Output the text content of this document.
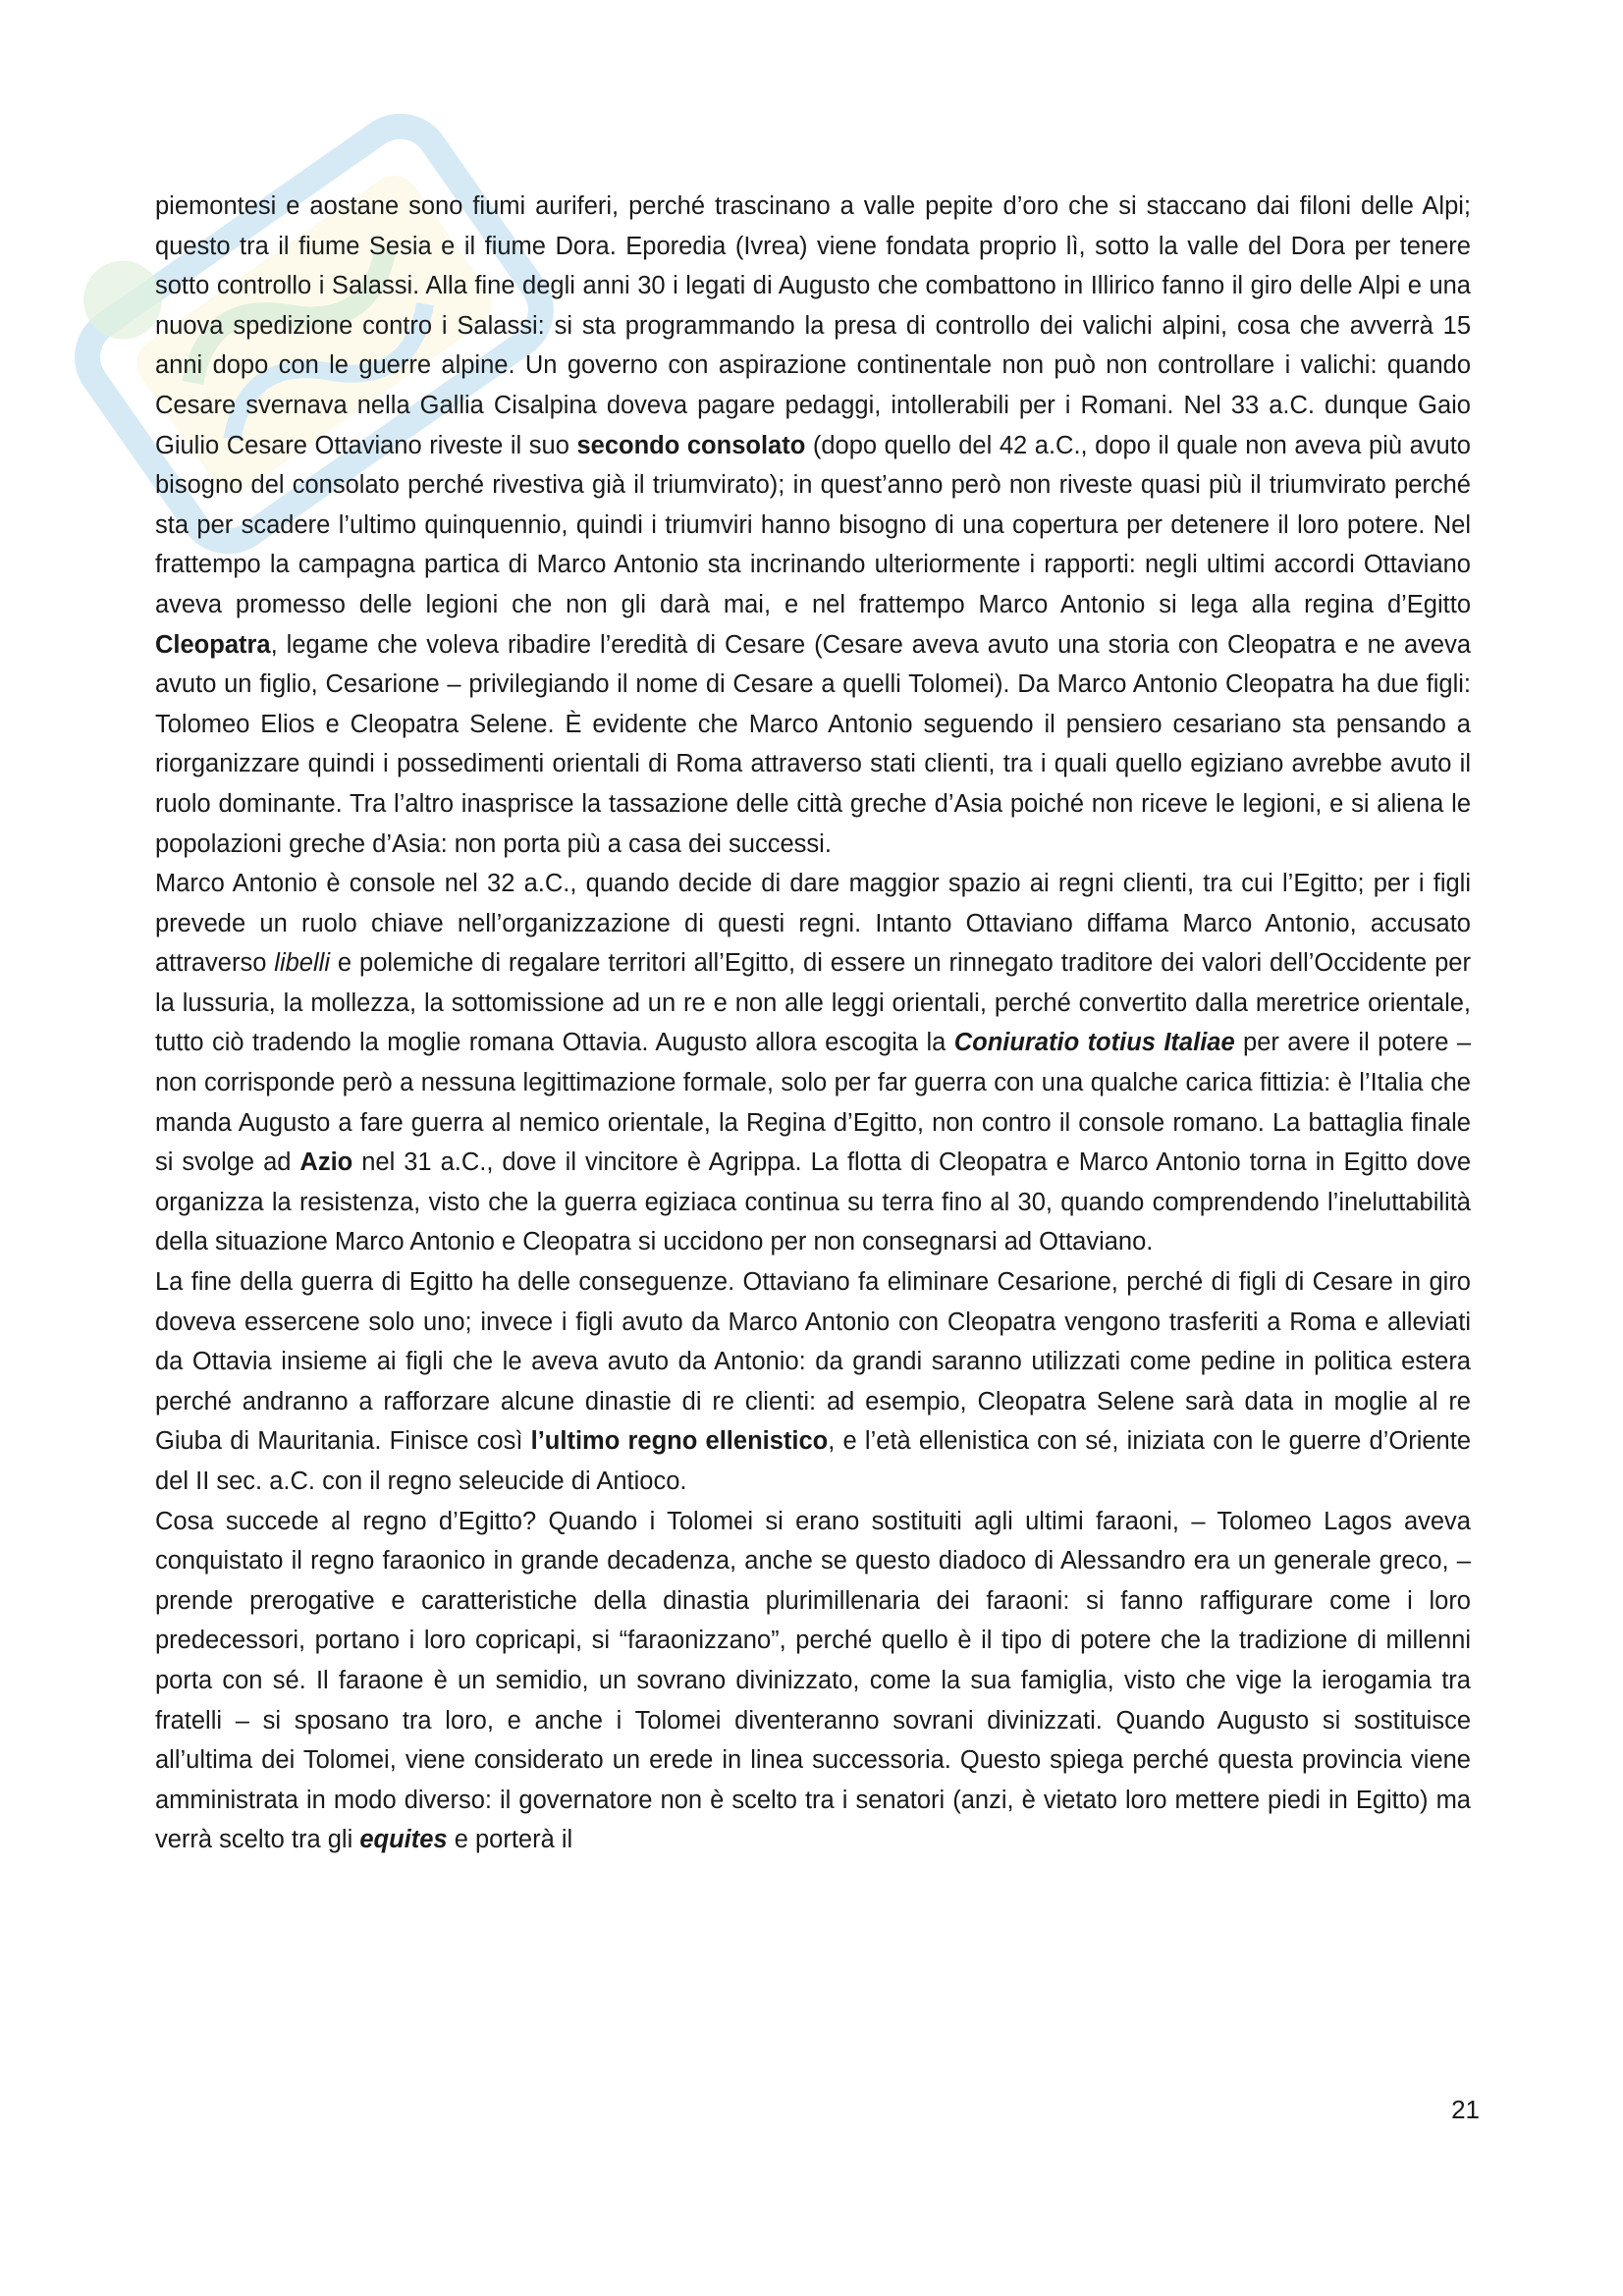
piemontesi e aostane sono fiumi auriferi, perché trascinano a valle pepite d’oro che si staccano dai filoni delle Alpi; questo tra il fiume Sesia e il fiume Dora. Eporedia (Ivrea) viene fondata proprio lì, sotto la valle del Dora per tenere sotto controllo i Salassi. Alla fine degli anni 30 i legati di Augusto che combattono in Illirico fanno il giro delle Alpi e una nuova spedizione contro i Salassi: si sta programmando la presa di controllo dei valichi alpini, cosa che avverrà 15 anni dopo con le guerre alpine. Un governo con aspirazione continentale non può non controllare i valichi: quando Cesare svernava nella Gallia Cisalpina doveva pagare pedaggi, intollerabili per i Romani. Nel 33 a.C. dunque Gaio Giulio Cesare Ottaviano riveste il suo secondo consolato (dopo quello del 42 a.C., dopo il quale non aveva più avuto bisogno del consolato perché rivestiva già il triumvirato); in quest’anno però non riveste quasi più il triumvirato perché sta per scadere l’ultimo quinquennio, quindi i triumviri hanno bisogno di una copertura per detenere il loro potere. Nel frattempo la campagna partica di Marco Antonio sta incrinando ulteriormente i rapporti: negli ultimi accordi Ottaviano aveva promesso delle legioni che non gli darà mai, e nel frattempo Marco Antonio si lega alla regina d’Egitto Cleopatra, legame che voleva ribadire l’eredità di Cesare (Cesare aveva avuto una storia con Cleopatra e ne aveva avuto un figlio, Cesarione – privilegiando il nome di Cesare a quelli Tolomei). Da Marco Antonio Cleopatra ha due figli: Tolomeo Elios e Cleopatra Selene. È evidente che Marco Antonio seguendo il pensiero cesariano sta pensando a riorganizzare quindi i possedimenti orientali di Roma attraverso stati clienti, tra i quali quello egiziano avrebbe avuto il ruolo dominante. Tra l’altro inasprisce la tassazione delle città greche d’Asia poiché non riceve le legioni, e si aliena le popolazioni greche d’Asia: non porta più a casa dei successi.

Marco Antonio è console nel 32 a.C., quando decide di dare maggior spazio ai regni clienti, tra cui l’Egitto; per i figli prevede un ruolo chiave nell’organizzazione di questi regni. Intanto Ottaviano diffama Marco Antonio, accusato attraverso libelli e polemiche di regalare territori all’Egitto, di essere un rinnegato traditore dei valori dell’Occidente per la lussuria, la mollezza, la sottomissione ad un re e non alle leggi orientali, perché convertito dalla meretrice orientale, tutto ciò tradendo la moglie romana Ottavia. Augusto allora escogita la Coniuratio totius Italiae per avere il potere – non corrisponde però a nessuna legittimazione formale, solo per far guerra con una qualche carica fittizia: è l’Italia che manda Augusto a fare guerra al nemico orientale, la Regina d’Egitto, non contro il console romano. La battaglia finale si svolge ad Azio nel 31 a.C., dove il vincitore è Agrippa. La flotta di Cleopatra e Marco Antonio torna in Egitto dove organizza la resistenza, visto che la guerra egiziaca continua su terra fino al 30, quando comprendendo l’ineluttabilità della situazione Marco Antonio e Cleopatra si uccidono per non consegnarsi ad Ottaviano.

La fine della guerra di Egitto ha delle conseguenze. Ottaviano fa eliminare Cesarione, perché di figli di Cesare in giro doveva essercene solo uno; invece i figli avuto da Marco Antonio con Cleopatra vengono trasferiti a Roma e alleviati da Ottavia insieme ai figli che le aveva avuto da Antonio: da grandi saranno utilizzati come pedine in politica estera perché andranno a rafforzare alcune dinastie di re clienti: ad esempio, Cleopatra Selene sarà data in moglie al re Giuba di Mauritania. Finisce così l’ultimo regno ellenistico, e l’età ellenistica con sé, iniziata con le guerre d’Oriente del II sec. a.C. con il regno seleucide di Antioco.

Cosa succede al regno d’Egitto? Quando i Tolomei si erano sostituiti agli ultimi faraoni, – Tolomeo Lagos aveva conquistato il regno faraonico in grande decadenza, anche se questo diadoco di Alessandro era un generale greco, – prende prerogative e caratteristiche della dinastia plurimillenaria dei faraoni: si fanno raffigurare come i loro predecessori, portano i loro copricapi, si “faraonizzano”, perché quello è il tipo di potere che la tradizione di millenni porta con sé. Il faraone è un semidio, un sovrano divinizzato, come la sua famiglia, visto che vige la ierogamia tra fratelli – si sposano tra loro, e anche i Tolomei diventeranno sovrani divinizzati. Quando Augusto si sostituisce all’ultima dei Tolomei, viene considerato un erede in linea successoria. Questo spiega perché questa provincia viene amministrata in modo diverso: il governatore non è scelto tra i senatori (anzi, è vietato loro mettere piedi in Egitto) ma verrà scelto tra gli equites e porterà il

21
